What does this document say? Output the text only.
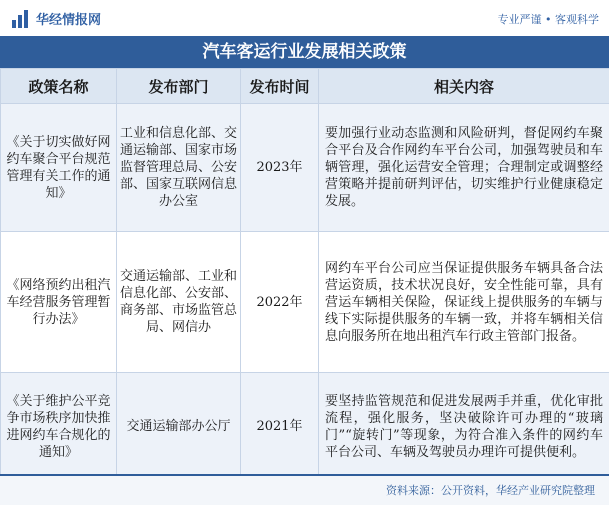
华经情报网	专业严谨 • 客观科学
汽车客运行业发展相关政策
政策名称	发布部门	发布时间	相关内容
《关于切实做好网约车聚合平台规范管理有关工作的通知》	工业和信息化部、交通运输部、国家市场监督管理总局、公安部、国家互联网信息办公室	2023年	要加强行业动态监测和风险研判，督促网约车聚合平台及合作网约车平台公司，加强驾驶员和车辆管理，强化运营安全管理；合理制定或调整经营策略并提前研判评估，切实维护行业健康稳定发展。
《网络预约出租汽车经营服务管理暂行办法》	交通运输部、工业和信息化部、公安部、商务部、市场监管总局、网信办	2022年	网约车平台公司应当保证提供服务车辆具备合法营运资质，技术状况良好，安全性能可靠，具有营运车辆相关保险，保证线上提供服务的车辆与线下实际提供服务的车辆一致，并将车辆相关信息向服务所在地出租汽车行政主管部门报备。
《关于维护公平竞争市场秩序加快推进网约车合规化的通知》	交通运输部办公厅	2021年	要坚持监管规范和促进发展两手并重，优化审批流程，强化服务，坚决破除许可办理的“玻璃门”“旋转门”等现象，为符合准入条件的网约车平台公司、车辆及驾驶员办理许可提供便利。
资料来源：公开资料，华经产业研究院整理
